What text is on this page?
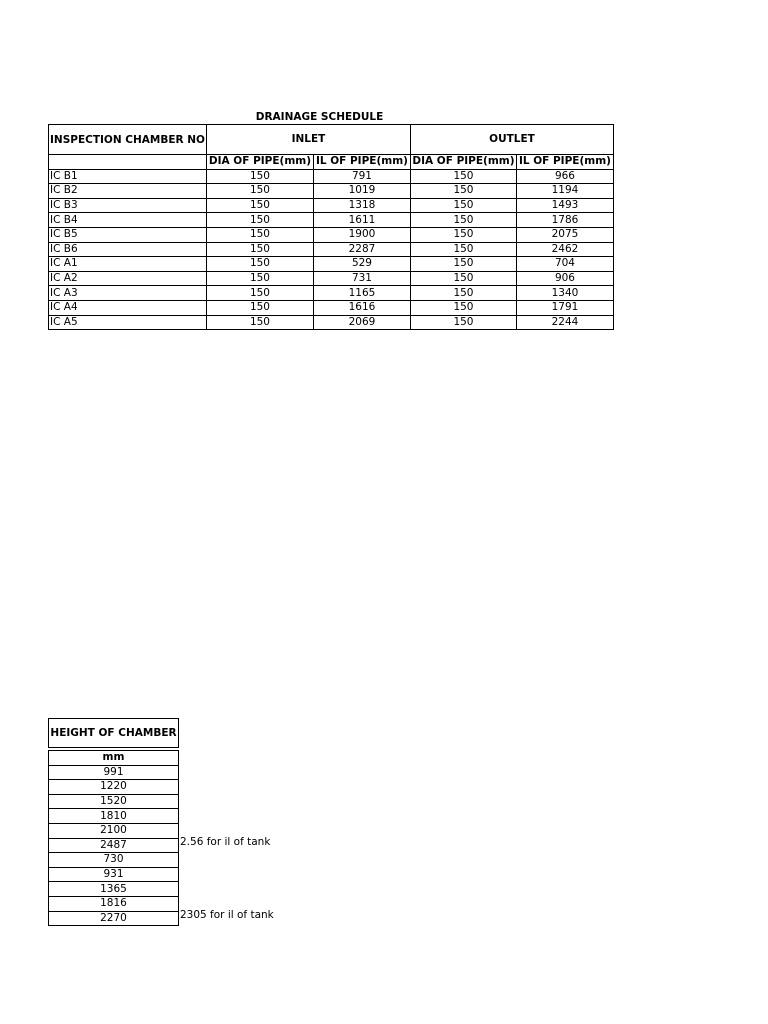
DRAINAGE SCHEDULE
INSPECTION CHAMBER NO	INLET		OUTLET	
	DIA OF PIPE(mm)	IL OF PIPE(mm)	DIA OF PIPE(mm)	IL OF PIPE(mm)
IC B1	150	791	150	966
IC B2	150	1019	150	1194
IC B3	150	1318	150	1493
IC B4	150	1611	150	1786
IC B5	150	1900	150	2075
IC B6	150	2287	150	2462
IC A1	150	529	150	704
IC A2	150	731	150	906
IC A3	150	1165	150	1340
IC A4	150	1616	150	1791
IC A5	150	2069	150	2244
HEIGHT OF CHAMBER

mm
991
1220
1520
1810
2100
2487
730
931
1365
1816
2270
2.56 for il of tank
2305 for il of tank
